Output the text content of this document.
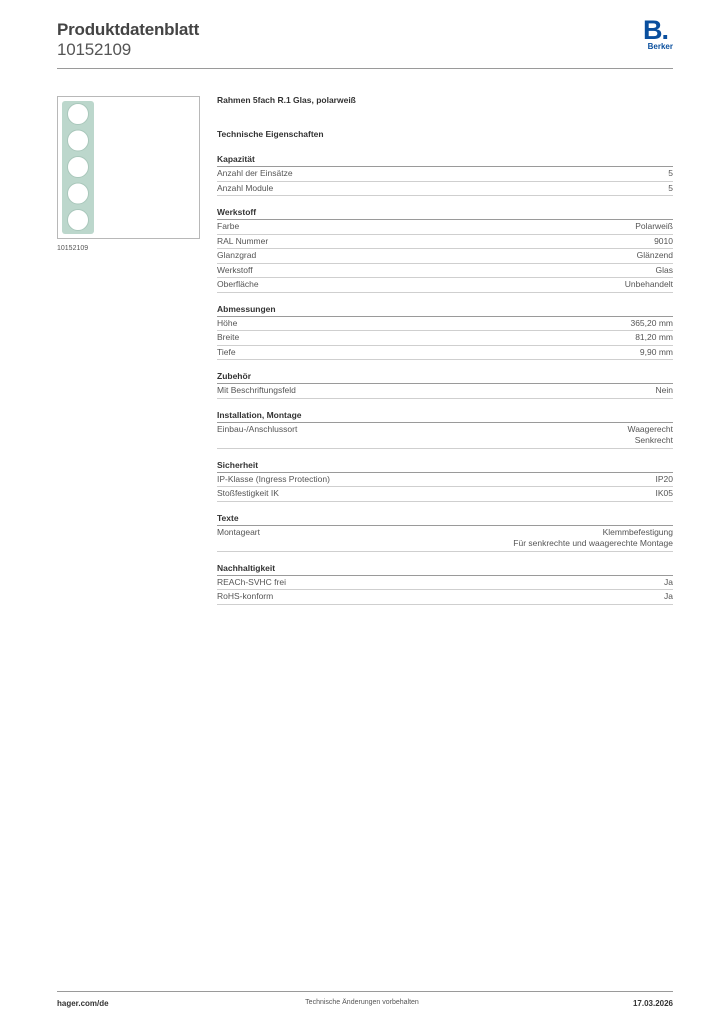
Produktdatenblatt
10152109
B.
Berker
10152109
Rahmen 5fach R.1 Glas, polarweiß
Technische Eigenschaften
Kapazität
Anzahl der Einsätze	5
Anzahl Module	5
Werkstoff
Farbe	Polarweiß
RAL Nummer	9010
Glanzgrad	Glänzend
Werkstoff	Glas
Oberfläche	Unbehandelt
Abmessungen
Höhe	365,20 mm
Breite	81,20 mm
Tiefe	9,90 mm
Zubehör
Mit Beschriftungsfeld	Nein
Installation, Montage
Einbau-/Anschlussort	Waagerecht
Senkrecht
Sicherheit
IP-Klasse (Ingress Protection)	IP20
Stoßfestigkeit IK	IK05
Texte
Montageart	Klemmbefestigung
Für senkrechte und waagerechte Montage
Nachhaltigkeit
REACh-SVHC frei	Ja
RoHS-konform	Ja
hager.com/de	Technische Änderungen vorbehalten	17.03.2026
